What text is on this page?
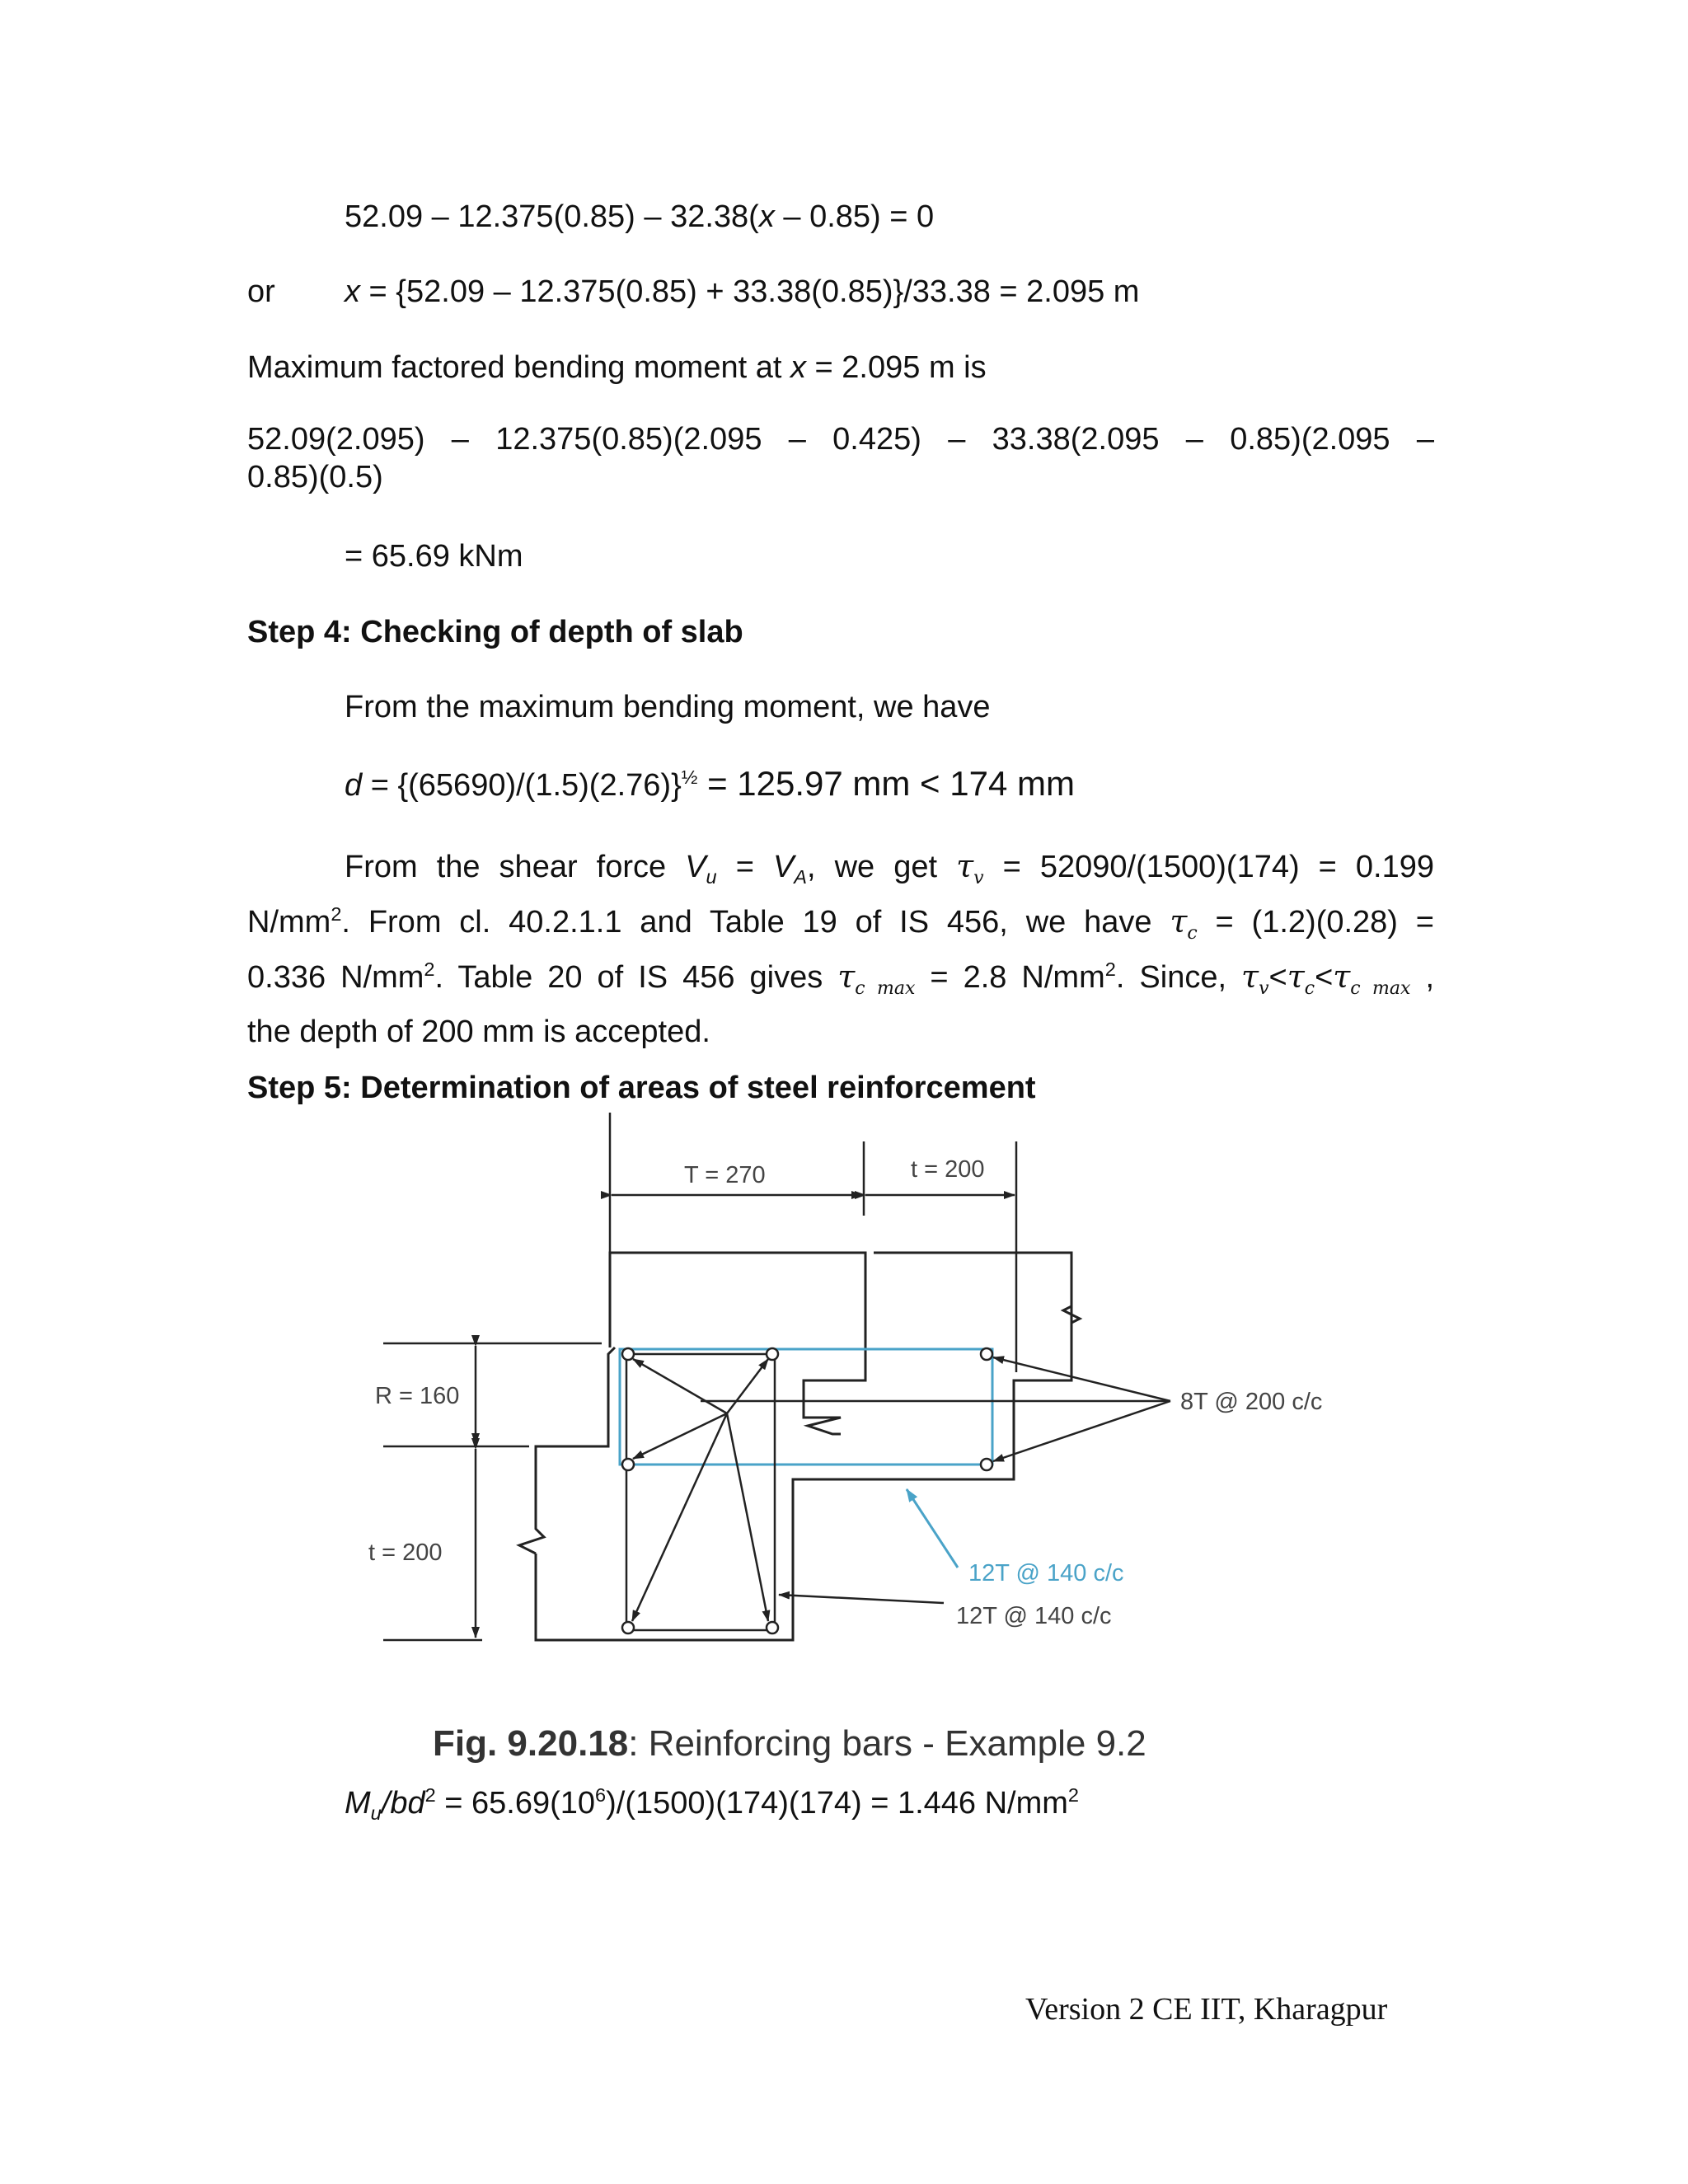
52.09 – 12.375(0.85) – 32.38(x – 0.85) = 0
or x = {52.09 – 12.375(0.85) + 33.38(0.85)}/33.38 = 2.095 m
Maximum factored bending moment at x = 2.095 m is
52.09(2.095) – 12.375(0.85)(2.095 – 0.425) – 33.38(2.095 – 0.85)(2.095 –
0.85)(0.5)
= 65.69 kNm
Step 4: Checking of depth of slab
From the maximum bending moment, we have
$d = \{(65690)/(1.5)(2.76)\}^{\frac{1}{2}} = 125.97$ mm < 174 mm
From the shear force $V_u = V_A$, we get $\tau_v = 52090/(1500)(174) = 0.199$
$N/mm^2$. From cl. 40.2.1.1 and Table 19 of IS 456, we have $\tau_c = (1.2)(0.28)$ =
0.336 $N/mm^2$. Table 20 of IS 456 gives $\tau_{c max} = 2.8$ $N/mm^2$. Since, $\tau_v<\tau_c<\tau_{c max}$ ,
the depth of 200 mm is accepted.
Step 5: Determination of areas of steel reinforcement
T = 270	t = 200
R = 160
t = 200
8T @ 200 c/c
12T @ 140 c/c
12T @ 140 c/c
Fig. 9.20.18: Reinforcing bars - Example 9.2
$M_u/bd^2 = 65.69(10^6)/(1500)(174)(174) = 1.446$ $N/mm^2$
Version 2 CE IIT, Kharagpur
